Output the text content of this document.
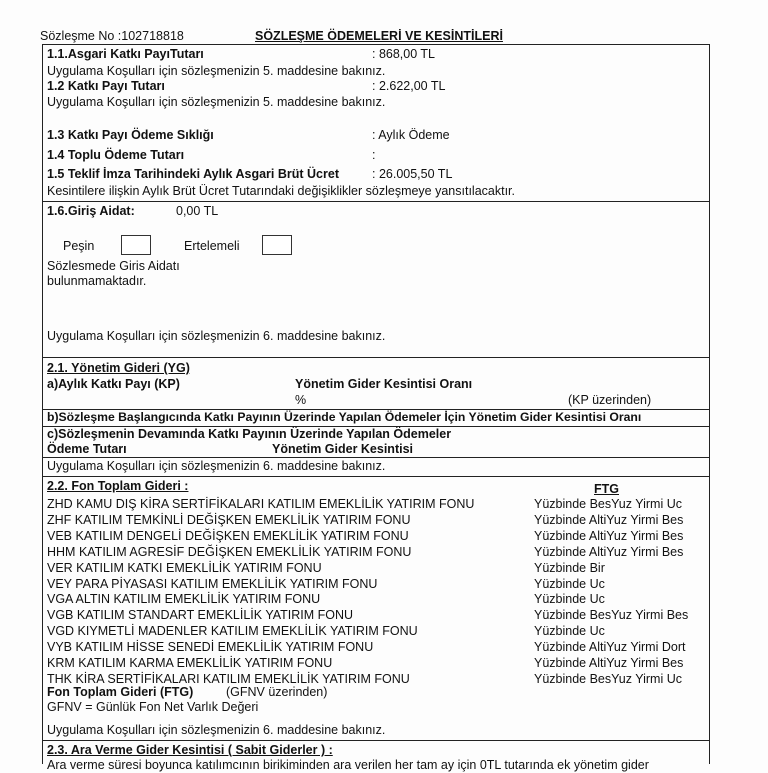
Sözleşme No :102718818	SÖZLEŞME ÖDEMELERİ VE KESİNTİLERİ
1.1.Asgari Katkı PayıTutarı	: 868,00 TL
Uygulama Koşulları için sözleşmenizin 5. maddesine bakınız.
1.2 Katkı Payı Tutarı	: 2.622,00 TL
Uygulama Koşulları için sözleşmenizin 5. maddesine bakınız.
1.3 Katkı Payı Ödeme Sıklığı	: Aylık Ödeme
1.4 Toplu Ödeme Tutarı	:
1.5 Teklif İmza Tarihindeki Aylık Asgari Brüt Ücret	: 26.005,50 TL
Kesintilere ilişkin Aylık Brüt Ücret Tutarındaki değişiklikler sözleşmeye yansıtılacaktır.
1.6.Giriş Aidat:	0,00 TL
Peşin	Ertelemeli
Sözlesmede Giris Aidatı
bulunmamaktadır.
Uygulama Koşulları için sözleşmenizin 6. maddesine bakınız.
2.1. Yönetim Gideri (YG)
a)Aylık Katkı Payı (KP)	Yönetim Gider Kesintisi Oranı
%	(KP üzerinden)
b)Sözleşme Başlangıcında Katkı Payının Üzerinde Yapılan Ödemeler İçin Yönetim Gider Kesintisi Oranı
c)Sözleşmenin Devamında Katkı Payının Üzerinde Yapılan Ödemeler
Ödeme Tutarı	Yönetim Gider Kesintisi
Uygulama Koşulları için sözleşmenizin 6. maddesine bakınız.
2.2. Fon Toplam Gideri :	FTG
ZHD KAMU DIŞ KİRA SERTİFİKALARI KATILIM EMEKLİLİK YATIRIM FONU	Yüzbinde BesYuz Yirmi Uc
ZHF KATILIM TEMKİNLİ DEĞİŞKEN EMEKLİLİK YATIRIM FONU	Yüzbinde AltiYuz Yirmi Bes
VEB KATILIM DENGELİ DEĞİŞKEN EMEKLİLİK YATIRIM FONU	Yüzbinde AltiYuz Yirmi Bes
HHM KATILIM AGRESİF DEĞİŞKEN EMEKLİLİK YATIRIM FONU	Yüzbinde AltiYuz Yirmi Bes
VER KATILIM KATKI EMEKLİLİK YATIRIM FONU	Yüzbinde Bir
VEY PARA PİYASASI KATILIM EMEKLİLİK YATIRIM FONU	Yüzbinde Uc
VGA ALTIN KATILIM EMEKLİLİK YATIRIM FONU	Yüzbinde Uc
VGB KATILIM STANDART EMEKLİLİK YATIRIM FONU	Yüzbinde BesYuz Yirmi Bes
VGD KIYMETLİ MADENLER KATILIM EMEKLİLİK YATIRIM FONU	Yüzbinde Uc
VYB KATILIM HİSSE SENEDİ EMEKLİLİK YATIRIM FONU	Yüzbinde AltiYuz Yirmi Dort
KRM KATILIM KARMA EMEKLİLİK YATIRIM FONU	Yüzbinde AltiYuz Yirmi Bes
THK KİRA SERTİFİKALARI KATILIM EMEKLİLİK YATIRIM FONU	Yüzbinde BesYuz Yirmi Uc
Fon Toplam Gideri (FTG)	(GFNV üzerinden)
GFNV = Günlük Fon Net Varlık Değeri
Uygulama Koşulları için sözleşmenizin 6. maddesine bakınız.
2.3. Ara Verme Gider Kesintisi ( Sabit Giderler ) :
Ara verme süresi boyunca katılımcının birikiminden ara verilen her tam ay için 0TL tutarında ek yönetim gider
